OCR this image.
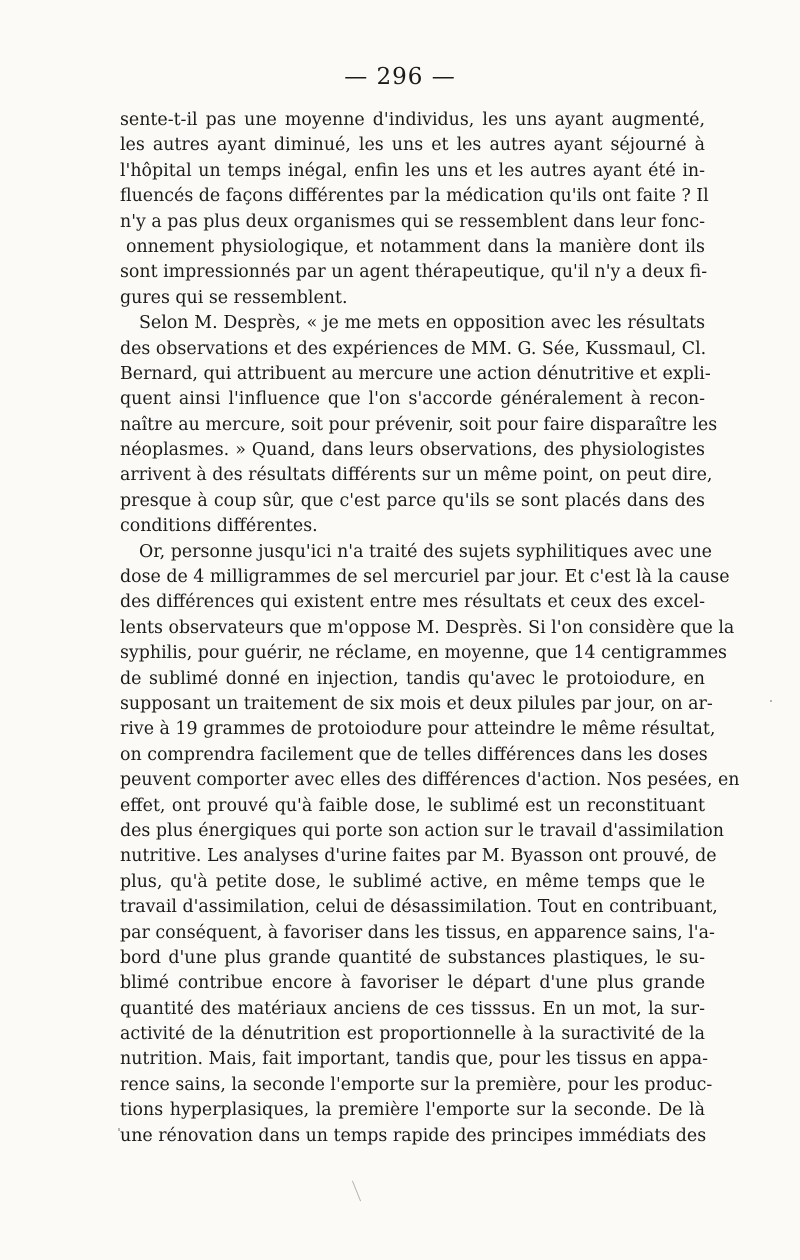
— 296 —
sente-t-il pas une moyenne d'individus, les uns ayant augmenté,
les autres ayant diminué, les uns et les autres ayant séjourné à
l'hôpital un temps inégal, enfin les uns et les autres ayant été in-
fluencés de façons différentes par la médication qu'ils ont faite ? Il
n'y a pas plus deux organismes qui se ressemblent dans leur fonc-
onnement physiologique, et notamment dans la manière dont ils
sont impressionnés par un agent thérapeutique, qu'il n'y a deux fi-
gures qui se ressemblent.
Selon M. Desprès, « je me mets en opposition avec les résultats
des observations et des expériences de MM. G. Sée, Kussmaul, Cl.
Bernard, qui attribuent au mercure une action dénutritive et expli-
quent ainsi l'influence que l'on s'accorde généralement à recon-
naître au mercure, soit pour prévenir, soit pour faire disparaître les
néoplasmes. » Quand, dans leurs observations, des physiologistes
arrivent à des résultats différents sur un même point, on peut dire,
presque à coup sûr, que c'est parce qu'ils se sont placés dans des
conditions différentes.
Or, personne jusqu'ici n'a traité des sujets syphilitiques avec une
dose de 4 milligrammes de sel mercuriel par jour. Et c'est là la cause
des différences qui existent entre mes résultats et ceux des excel-
lents observateurs que m'oppose M. Desprès. Si l'on considère que la
syphilis, pour guérir, ne réclame, en moyenne, que 14 centigrammes
de sublimé donné en injection, tandis qu'avec le protoiodure, en
supposant un traitement de six mois et deux pilules par jour, on ar-
rive à 19 grammes de protoiodure pour atteindre le même résultat,
on comprendra facilement que de telles différences dans les doses
peuvent comporter avec elles des différences d'action. Nos pesées, en
effet, ont prouvé qu'à faible dose, le sublimé est un reconstituant
des plus énergiques qui porte son action sur le travail d'assimilation
nutritive. Les analyses d'urine faites par M. Byasson ont prouvé, de
plus, qu'à petite dose, le sublimé active, en même temps que le
travail d'assimilation, celui de désassimilation. Tout en contribuant,
par conséquent, à favoriser dans les tissus, en apparence sains, l'a-
bord d'une plus grande quantité de substances plastiques, le su-
blimé contribue encore à favoriser le départ d'une plus grande
quantité des matériaux anciens de ces tisssus. En un mot, la sur-
activité de la dénutrition est proportionnelle à la suractivité de la
nutrition. Mais, fait important, tandis que, pour les tissus en appa-
rence sains, la seconde l'emporte sur la première, pour les produc-
tions hyperplasiques, la première l'emporte sur la seconde. De là
une rénovation dans un temps rapide des principes immédiats des
